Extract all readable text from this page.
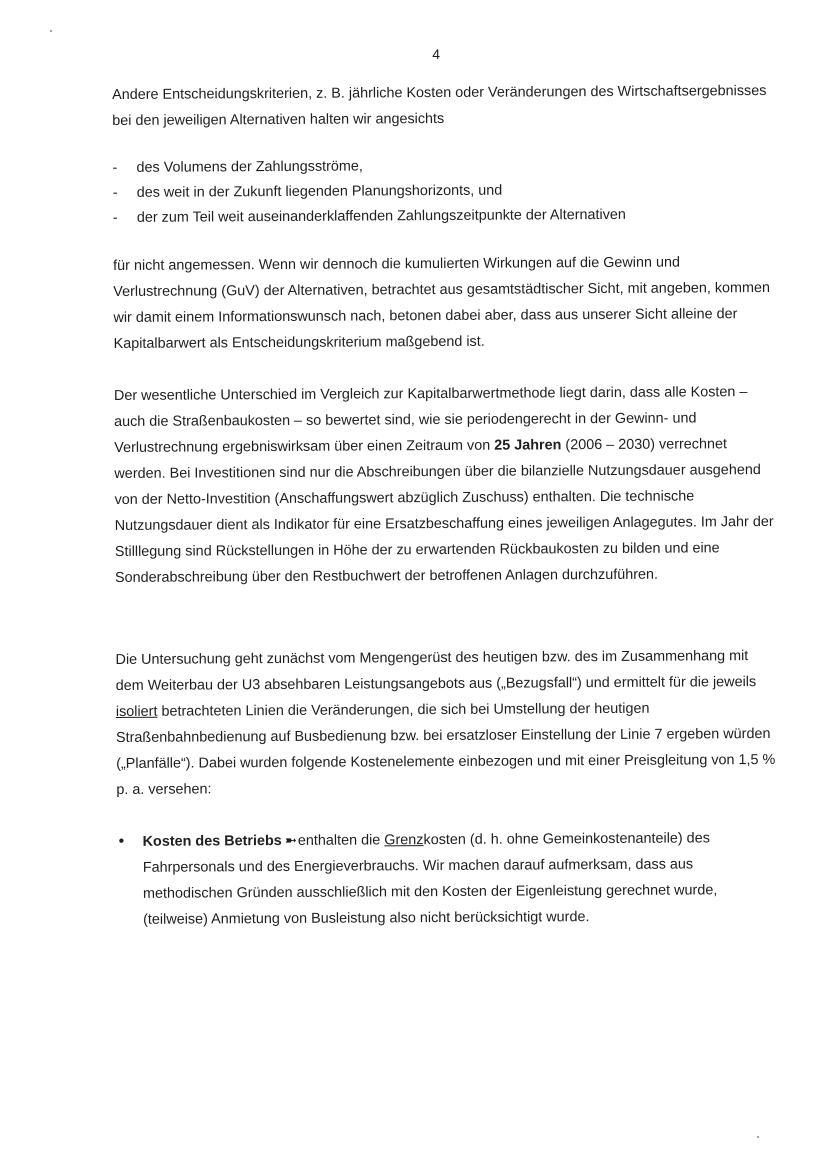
4

Andere Entscheidungskriterien, z. B. jährliche Kosten oder Veränderungen des Wirtschaftsergebnisses bei den jeweiligen Alternativen halten wir angesichts

- des Volumens der Zahlungsströme,
- des weit in der Zukunft liegenden Planungshorizonts, und
- der zum Teil weit auseinanderklaffenden Zahlungszeitpunkte der Alternativen

für nicht angemessen. Wenn wir dennoch die kumulierten Wirkungen auf die Gewinn und Verlustrechnung (GuV) der Alternativen, betrachtet aus gesamtstädtischer Sicht, mit angeben, kommen wir damit einem Informationswunsch nach, betonen dabei aber, dass aus unserer Sicht alleine der Kapitalbarwert als Entscheidungskriterium maßgebend ist.

Der wesentliche Unterschied im Vergleich zur Kapitalbarwertmethode liegt darin, dass alle Kosten – auch die Straßenbaukosten – so bewertet sind, wie sie periodengerecht in der Gewinn- und Verlustrechnung ergebniswirksam über einen Zeitraum von 25 Jahren (2006 – 2030) verrechnet werden. Bei Investitionen sind nur die Abschreibungen über die bilanzielle Nutzungsdauer ausgehend von der Netto-Investition (Anschaffungswert abzüglich Zuschuss) enthalten. Die technische Nutzungsdauer dient als Indikator für eine Ersatzbeschaffung eines jeweiligen Anlagegutes. Im Jahr der Stilllegung sind Rückstellungen in Höhe der zu erwartenden Rückbaukosten zu bilden und eine Sonderabschreibung über den Restbuchwert der betroffenen Anlagen durchzuführen.

Die Untersuchung geht zunächst vom Mengengerüst des heutigen bzw. des im Zusammenhang mit dem Weiterbau der U3 absehbaren Leistungsangebots aus („Bezugsfall“) und ermittelt für die jeweils isoliert betrachteten Linien die Veränderungen, die sich bei Umstellung der heutigen Straßenbahnbedienung auf Busbedienung bzw. bei ersatzloser Einstellung der Linie 7 ergeben würden („Planfälle“). Dabei wurden folgende Kostenelemente einbezogen und mit einer Preisgleitung von 1,5 % p. a. versehen:

• Kosten des Betriebs ➼ enthalten die Grenzkosten (d. h. ohne Gemeinkostenanteile) des Fahrpersonals und des Energieverbrauchs. Wir machen darauf aufmerksam, dass aus methodischen Gründen ausschließlich mit den Kosten der Eigenleistung gerechnet wurde, (teilweise) Anmietung von Busleistung also nicht berücksichtigt wurde.
